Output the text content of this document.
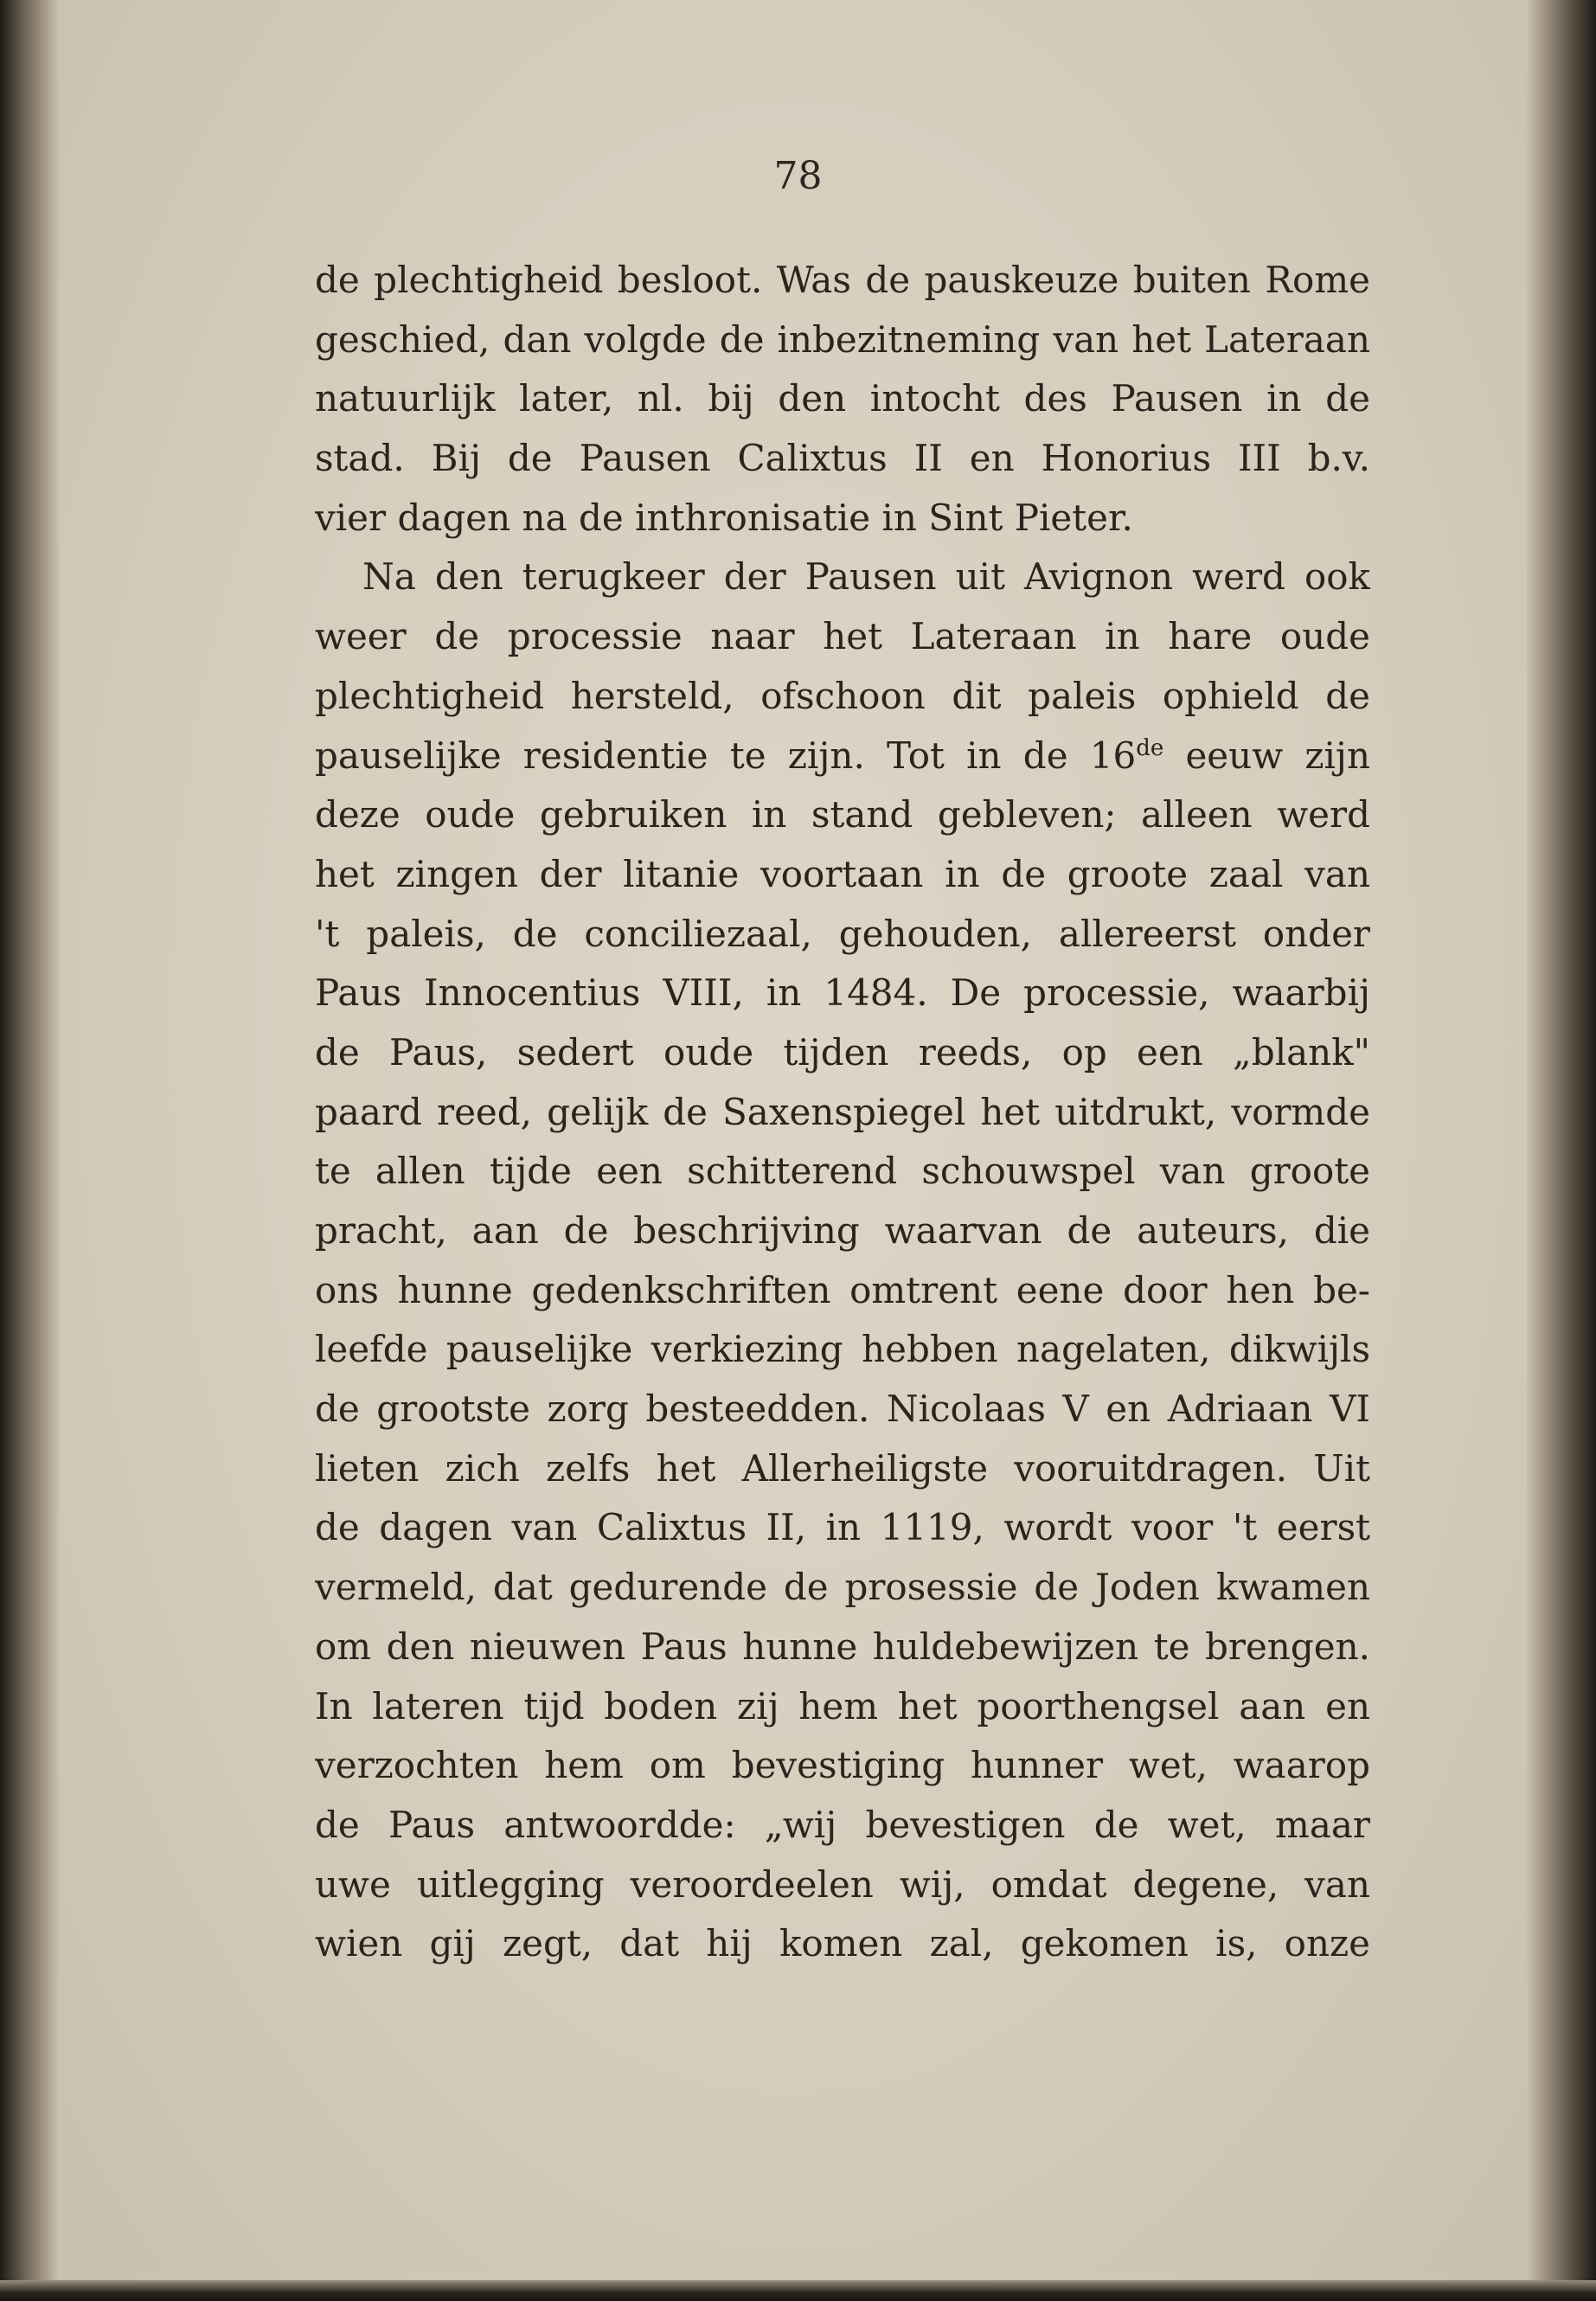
78

de plechtigheid besloot. Was de pauskeuze buiten Rome
geschied, dan volgde de inbezitneming van het Lateraan
natuurlijk later, nl. bij den intocht des Pausen in de
stad. Bij de Pausen Calixtus II en Honorius III b.v.
vier dagen na de inthronisatie in Sint Pieter.
Na den terugkeer der Pausen uit Avignon werd ook
weer de processie naar het Lateraan in hare oude
plechtigheid hersteld, ofschoon dit paleis ophield de
pauselijke residentie te zijn. Tot in de 16de eeuw zijn
deze oude gebruiken in stand gebleven; alleen werd
het zingen der litanie voortaan in de groote zaal van
't paleis, de conciliezaal, gehouden, allereerst onder
Paus Innocentius VIII, in 1484. De processie, waarbij
de Paus, sedert oude tijden reeds, op een „blank"
paard reed, gelijk de Saxenspiegel het uitdrukt, vormde
te allen tijde een schitterend schouwspel van groote
pracht, aan de beschrijving waarvan de auteurs, die
ons hunne gedenkschriften omtrent eene door hen be-
leefde pauselijke verkiezing hebben nagelaten, dikwijls
de grootste zorg besteedden. Nicolaas V en Adriaan VI
lieten zich zelfs het Allerheiligste vooruitdragen. Uit
de dagen van Calixtus II, in 1119, wordt voor 't eerst
vermeld, dat gedurende de prosessie de Joden kwamen
om den nieuwen Paus hunne huldebewijzen te brengen.
In lateren tijd boden zij hem het poorthengsel aan en
verzochten hem om bevestiging hunner wet, waarop
de Paus antwoordde: „wij bevestigen de wet, maar
uwe uitlegging veroordeelen wij, omdat degene, van
wien gij zegt, dat hij komen zal, gekomen is, onze
